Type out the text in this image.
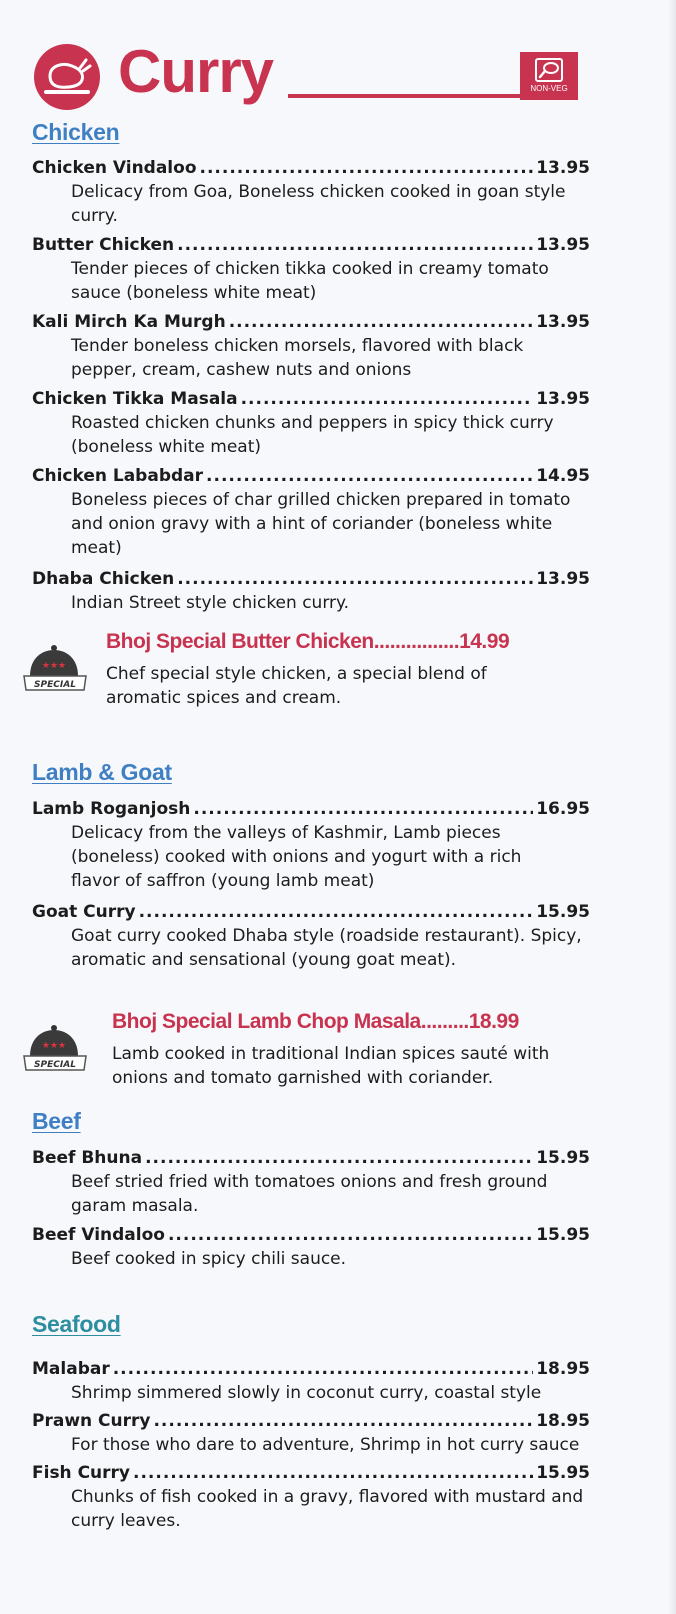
Curry	NON-VEG
Chicken
Chicken Vindaloo .....	13.95
Delicacy from Goa, Boneless chicken cooked in goan style curry.
Butter Chicken .....	13.95
Tender pieces of chicken tikka cooked in creamy tomato sauce (boneless white meat)
Kali Mirch Ka Murgh .....	13.95
Tender boneless chicken morsels, flavored with black pepper, cream, cashew nuts and onions
Chicken Tikka Masala .....	13.95
Roasted chicken chunks and peppers in spicy thick curry (boneless white meat)
Chicken Lababdar .....	14.95
Boneless pieces of char grilled chicken prepared in tomato and onion gravy with a hint of coriander (boneless white meat)
Dhaba Chicken .....	13.95
Indian Street style chicken curry.
★★★
SPECIAL
Bhoj Special Butter Chicken................14.99
Chef special style chicken, a special blend of aromatic spices and cream.
Lamb & Goat
Lamb Roganjosh .....	16.95
Delicacy from the valleys of Kashmir, Lamb pieces (boneless) cooked with onions and yogurt with a rich flavor of saffron (young lamb meat)
Goat Curry .....	15.95
Goat curry cooked Dhaba style (roadside restaurant). Spicy, aromatic and sensational (young goat meat).
★★★
SPECIAL
Bhoj Special Lamb Chop Masala.........18.99
Lamb cooked in traditional Indian spices sauté with onions and tomato garnished with coriander.
Beef
Beef Bhuna .....	15.95
Beef stried fried with tomatoes onions and fresh ground garam masala.
Beef Vindaloo .....	15.95
Beef cooked in spicy chili sauce.
Seafood
Malabar .....	18.95
Shrimp simmered slowly in coconut curry, coastal style
Prawn Curry .....	18.95
For those who dare to adventure, Shrimp in hot curry sauce
Fish Curry .....	15.95
Chunks of fish cooked in a gravy, flavored with mustard and curry leaves.
